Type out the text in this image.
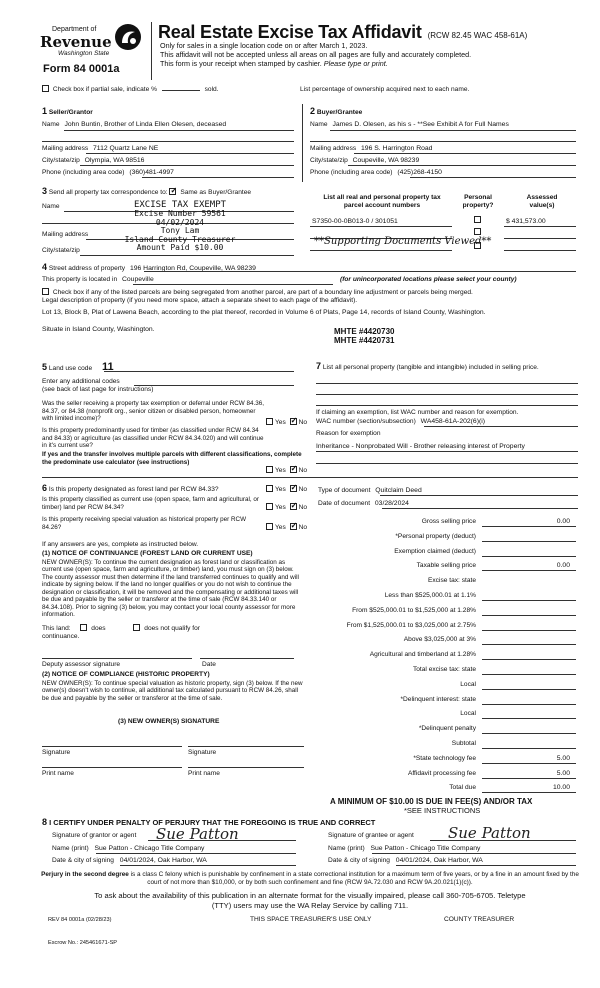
Department of
Revenue
Washington State
Form 84 0001a
Real Estate Excise Tax Affidavit (RCW 82.45 WAC 458-61A)
Only for sales in a single location code on or after March 1, 2023.
This affidavit will not be accepted unless all areas on all pages are fully and accurately completed.
This form is your receipt when stamped by cashier. Please type or print.
Check box if partial sale, indicate %	sold.	List percentage of ownership acquired next to each name.
1 Seller/Grantor
Name John Buntin, Brother of Linda Ellen Olesen, deceased
Mailing address 7112 Quartz Lane NE
City/state/zip Olympia, WA 98516
Phone (including area code) (360)481-4997
2 Buyer/Grantee
Name James D. Olesen, as his s - **See Exhibit A for Full Names
Mailing address 196 S. Harrington Road
City/state/zip Coupeville, WA 98239
Phone (including area code) (425)268-4150
3 Send all property tax correspondence to: ✓ Same as Buyer/Grantee
Name
Mailing address
City/state/zip
EXCISE TAX EXEMPT
Excise Number 59561
04/02/2024
Tony Lam
Island County Treasurer
Amount Paid $10.00
List all real and personal property tax
parcel account numbers
Personal
property?
Assessed
value(s)
S7350-00-0B013-0 / 301051	$ 431,573.00
**Supporting Documents Viewed**
4 Street address of property 196 Harrington Rd, Coupeville, WA 98239
This property is located in Coupeville	(for unincorporated locations please select your county)
Check box if any of the listed parcels are being segregated from another parcel, are part of a boundary line adjustment or parcels being merged.
Legal description of property (if you need more space, attach a separate sheet to each page of the affidavit).
Lot 13, Block B, Plat of Lawena Beach, according to the plat thereof, recorded in Volume 6 of Plats, Page 14, records of Island County, Washington.
Situate in Island County, Washington.	MHTE #4420730
MHTE #4420731
5 Land use code 11
Enter any additional codes
(see back of last page for instructions)
Was the seller receiving a property tax exemption or deferral under RCW 84.36, 84.37, or 84.38 (nonprofit org., senior citizen or disabled person, homeowner with limited income)?
Yes ✓ No
Is this property predominantly used for timber (as classified under RCW 84.34 and 84.33) or agriculture (as classified under RCW 84.34.020) and will continue in it's current use?
If yes and the transfer involves multiple parcels with different classifications, complete the predominate use calculator (see instructions)
Yes ✓ No
7 List all personal property (tangible and intangible) included in selling price.
If claiming an exemption, list WAC number and reason for exemption.
WAC number (section/subsection) WA458-61A-202(6)(i)
Reason for exemption
Inheritance - Nonprobated Will - Brother releasing interest of Property
6 Is this property designated as forest land per RCW 84.33?	Yes ✓ No
Is this property classified as current use (open space, farm and agricultural, or timber) land per RCW 84.34?	Yes ✓ No
Is this property receiving special valuation as historical property per RCW 84.26?	Yes ✓ No
If any answers are yes, complete as instructed below.
(1) NOTICE OF CONTINUANCE (FOREST LAND OR CURRENT USE)
NEW OWNER(S): To continue the current designation as forest land or classification as current use (open space, farm and agriculture, or timber) land, you must sign on (3) below. The county assessor must then determine if the land transferred continues to qualify and will indicate by signing below. If the land no longer qualifies or you do not wish to continue the designation or classification, it will be removed and the compensating or additional taxes will be due and payable by the seller or transferor at the time of sale (RCW 84.33.140 or 84.34.108). Prior to signing (3) below, you may contact your local county assessor for more information.
This land:	does	does not qualify for
continuance.
Deputy assessor signature	Date
(2) NOTICE OF COMPLIANCE (HISTORIC PROPERTY)
NEW OWNER(S): To continue special valuation as historic property, sign (3) below. If the new owner(s) doesn't wish to continue, all additional tax calculated pursuant to RCW 84.26, shall be due and payable by the seller or transferor at the time of sale.
(3) NEW OWNER(S) SIGNATURE
Signature	Signature
Print name	Print name
Type of document Quitclaim Deed
Date of document 03/28/2024
Gross selling price	0.00
*Personal property (deduct)
Exemption claimed (deduct)
Taxable selling price	0.00
Excise tax: state
Less than $525,000.01 at 1.1%
From $525,000.01 to $1,525,000 at 1.28%
From $1,525,000.01 to $3,025,000 at 2.75%
Above $3,025,000 at 3%
Agricultural and timberland at 1.28%
Total excise tax: state
Local
*Delinquent interest: state
Local
*Delinquent penalty
Subtotal
*State technology fee	5.00
Affidavit processing fee	5.00
Total due	10.00
A MINIMUM OF $10.00 IS DUE IN FEE(S) AND/OR TAX
*SEE INSTRUCTIONS
8 I CERTIFY UNDER PENALTY OF PERJURY THAT THE FOREGOING IS TRUE AND CORRECT
Signature of grantor or agent Sue Patton
Name (print) Sue Patton - Chicago Title Company
Date & city of signing 04/01/2024, Oak Harbor, WA
Signature of grantee or agent Sue Patton
Name (print) Sue Patton - Chicago Title Company
Date & city of signing 04/01/2024, Oak Harbor, WA
Perjury in the second degree is a class C felony which is punishable by confinement in a state correctional institution for a maximum term of five years, or by a fine in an amount fixed by the court of not more than $10,000, or by both such confinement and fine (RCW 9A.72.030 and RCW 9A.20.021(1)(c)).
To ask about the availability of this publication in an alternate format for the visually impaired, please call 360-705-6705. Teletype
(TTY) users may use the WA Relay Service by calling 711.
REV 84 0001a (02/28/23)	THIS SPACE TREASURER'S USE ONLY	COUNTY TREASURER
Escrow No.: 245461671-SP
